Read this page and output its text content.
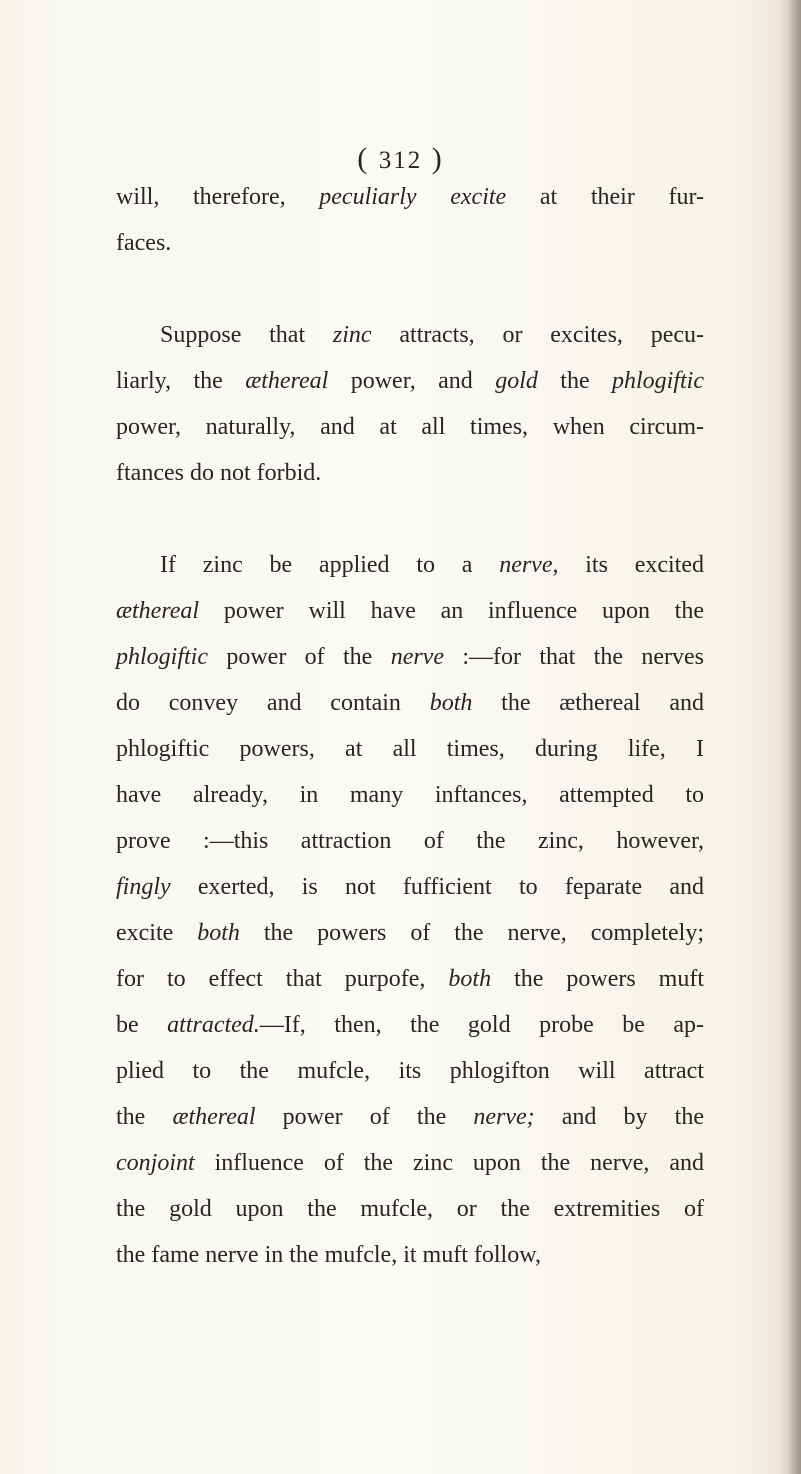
( 312 )
will, therefore, peculiarly excite at their fur-
faces.
Suppose that zinc attracts, or excites, pecu-
liarly, the æthereal power, and gold the phlogiftic
power, naturally, and at all times, when circum-
ftances do not forbid.
If zinc be applied to a nerve, its excited
æthereal power will have an influence upon the
phlogiftic power of the nerve :—for that the nerves
do convey and contain both the æthereal and
phlogiftic powers, at all times, during life, I
have already, in many inftances, attempted to
prove :—this attraction of the zinc, however,
fingly exerted, is not fufficient to feparate and
excite both the powers of the nerve, completely;
for to effect that purpofe, both the powers muft
be attracted.—If, then, the gold probe be ap-
plied to the mufcle, its phlogifton will attract
the æthereal power of the nerve; and by the
conjoint influence of the zinc upon the nerve, and
the gold upon the mufcle, or the extremities of
the fame nerve in the mufcle, it muft follow,
